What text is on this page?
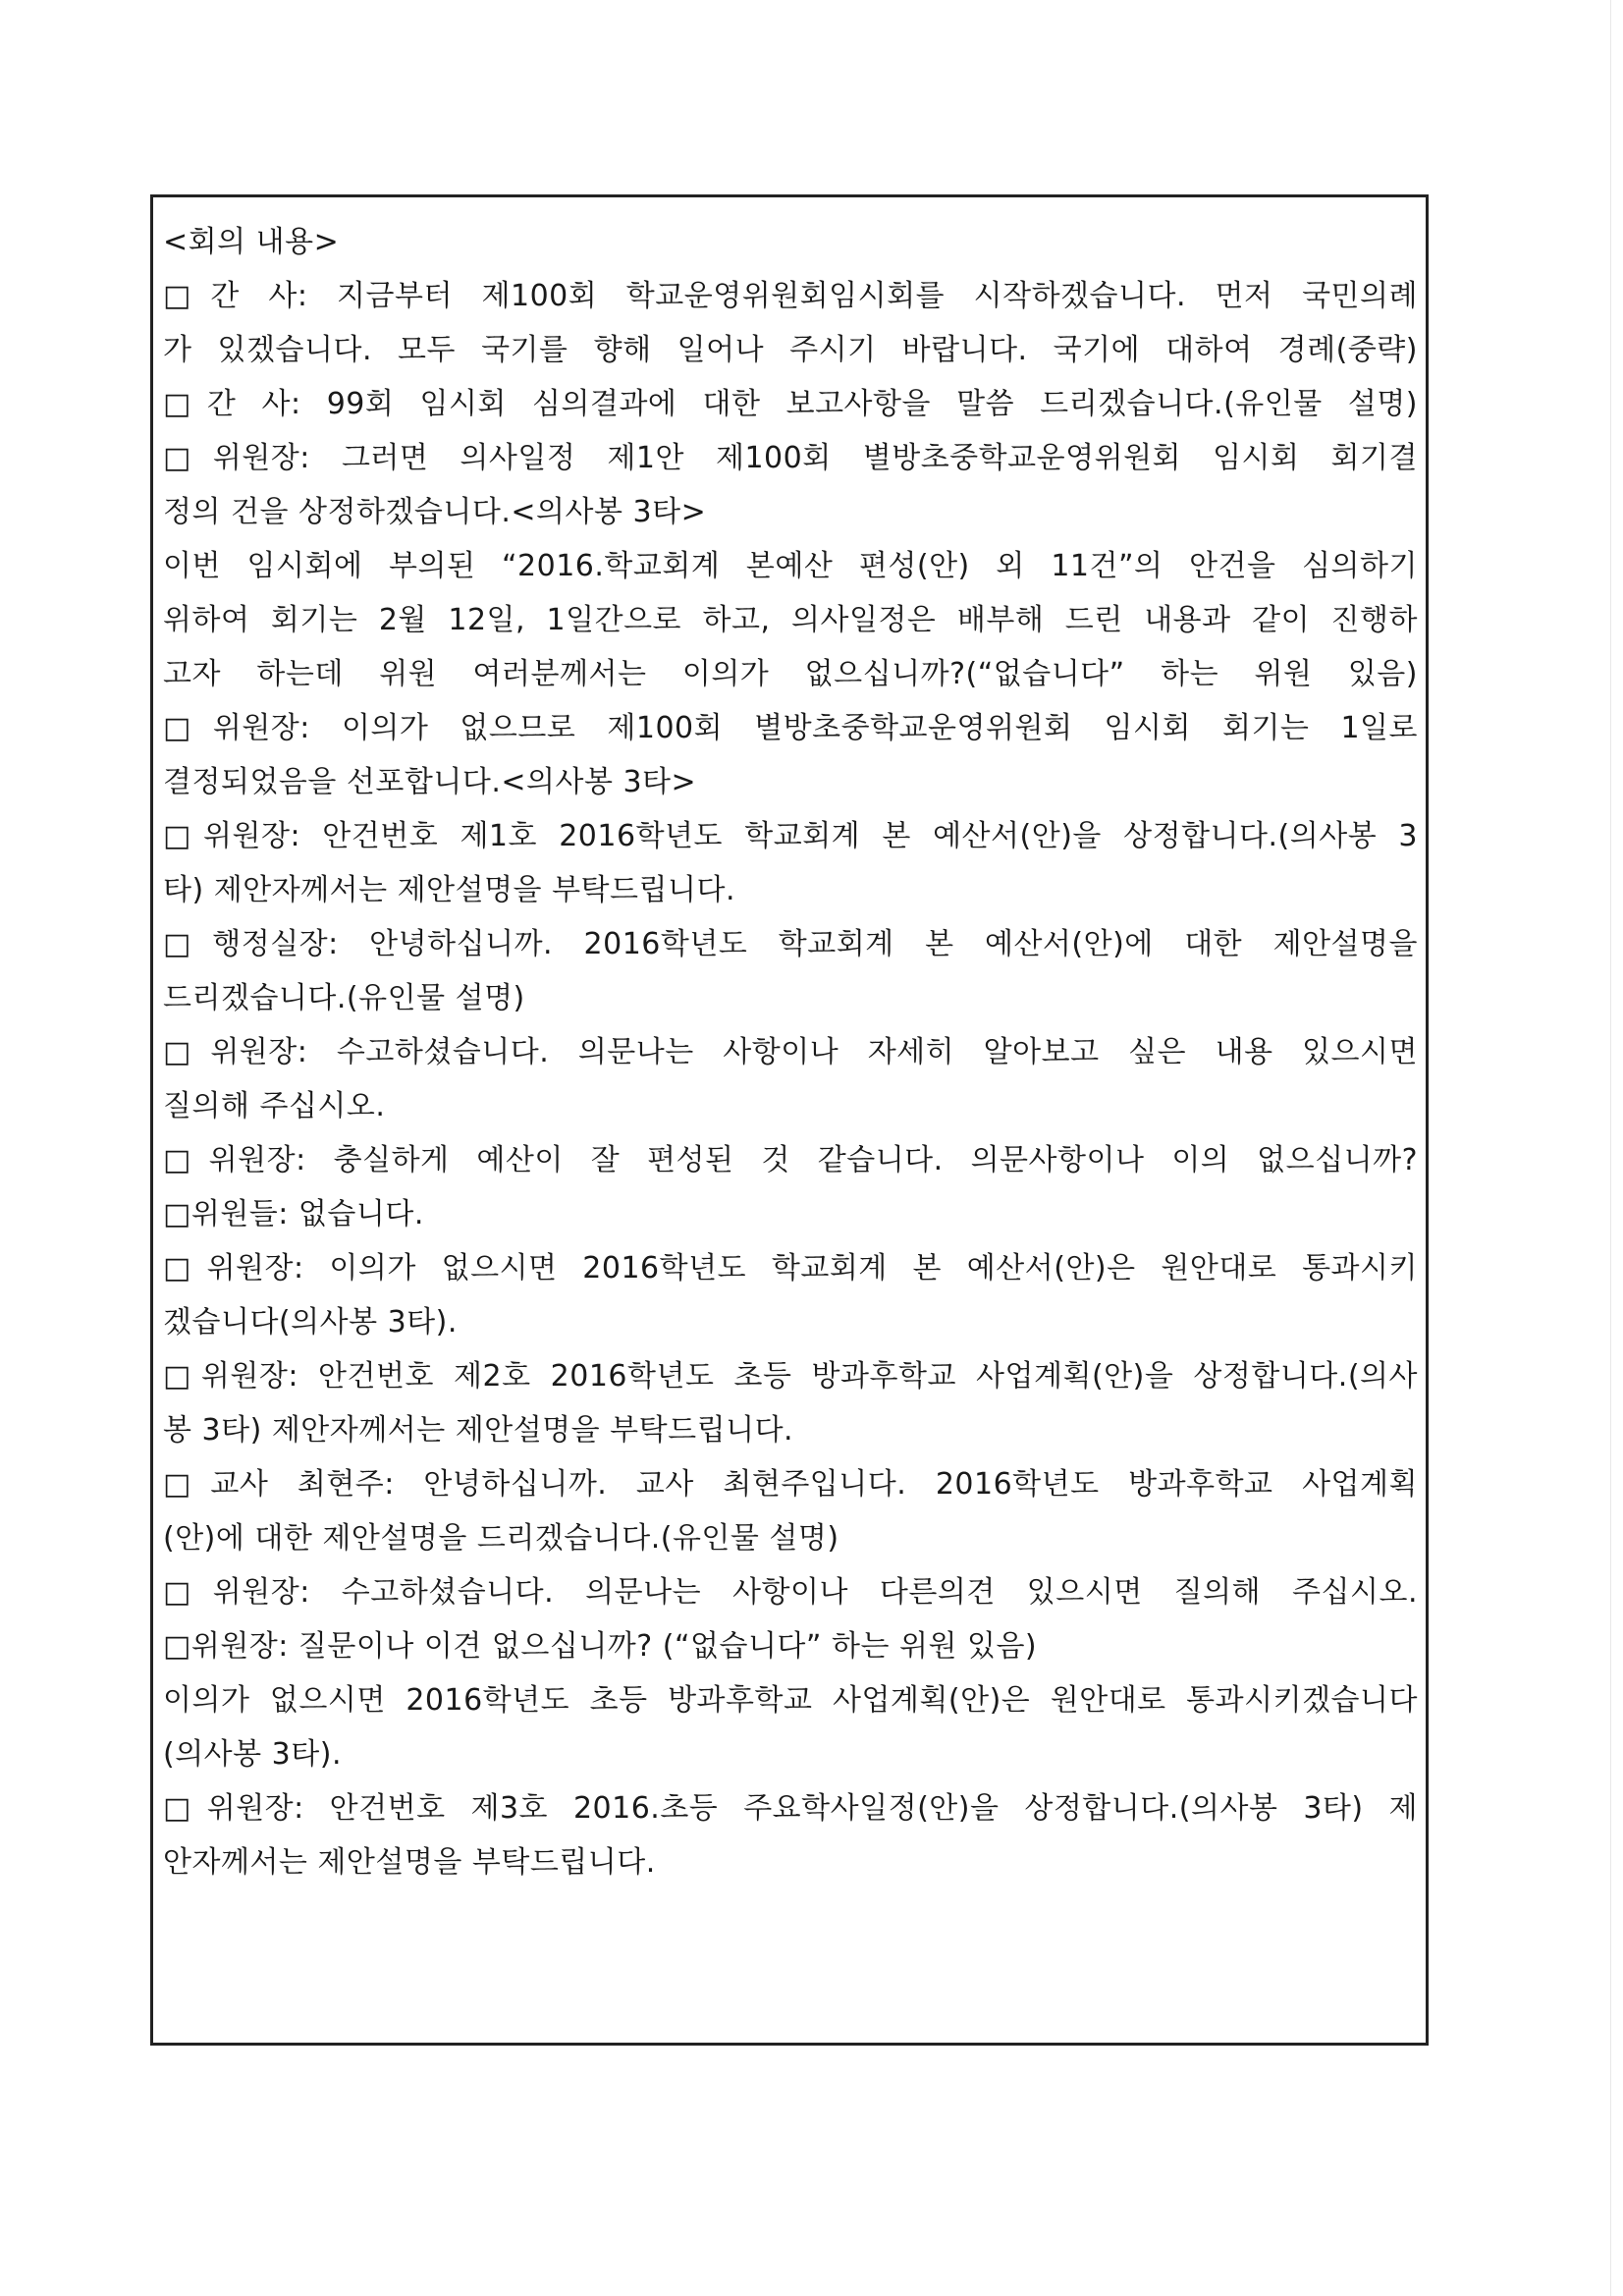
<회의 내용>
□간 사: 지금부터 제100회 학교운영위원회임시회를 시작하겠습니다. 먼저 국민의례
가 있겠습니다. 모두 국기를 향해 일어나 주시기 바랍니다. 국기에 대하여 경례(중략)
□간 사: 99회 임시회 심의결과에 대한 보고사항을 말씀 드리겠습니다.(유인물 설명)
□위원장: 그러면 의사일정 제1안 제100회 별방초중학교운영위원회 임시회 회기결
정의 건을 상정하겠습니다.<의사봉 3타>
이번 임시회에 부의된 “2016.학교회계 본예산 편성(안) 외 11건”의 안건을 심의하기
위하여 회기는 2월 12일, 1일간으로 하고, 의사일정은 배부해 드린 내용과 같이 진행하
고자 하는데 위원 여러분께서는 이의가 없으십니까?(“없습니다” 하는 위원 있음)
□위원장: 이의가 없으므로 제100회 별방초중학교운영위원회 임시회 회기는 1일로
결정되었음을 선포합니다.<의사봉 3타>
□위원장: 안건번호 제1호 2016학년도 학교회계 본 예산서(안)을 상정합니다.(의사봉 3
타) 제안자께서는 제안설명을 부탁드립니다.
□행정실장: 안녕하십니까. 2016학년도 학교회계 본 예산서(안)에 대한 제안설명을
드리겠습니다.(유인물 설명)
□위원장: 수고하셨습니다. 의문나는 사항이나 자세히 알아보고 싶은 내용 있으시면
질의해 주십시오.
□위원장: 충실하게 예산이 잘 편성된 것 같습니다. 의문사항이나 이의 없으십니까?
□위원들: 없습니다.
□위원장: 이의가 없으시면 2016학년도 학교회계 본 예산서(안)은 원안대로 통과시키
겠습니다(의사봉 3타).
□위원장: 안건번호 제2호 2016학년도 초등 방과후학교 사업계획(안)을 상정합니다.(의사
봉 3타) 제안자께서는 제안설명을 부탁드립니다.
□교사 최현주: 안녕하십니까. 교사 최현주입니다. 2016학년도 방과후학교 사업계획
(안)에 대한 제안설명을 드리겠습니다.(유인물 설명)
□위원장: 수고하셨습니다. 의문나는 사항이나 다른의견 있으시면 질의해 주십시오.
□위원장: 질문이나 이견 없으십니까? (“없습니다” 하는 위원 있음)
이의가 없으시면 2016학년도 초등 방과후학교 사업계획(안)은 원안대로 통과시키겠습니다
(의사봉 3타).
□위원장: 안건번호 제3호 2016.초등 주요학사일정(안)을 상정합니다.(의사봉 3타) 제
안자께서는 제안설명을 부탁드립니다.
